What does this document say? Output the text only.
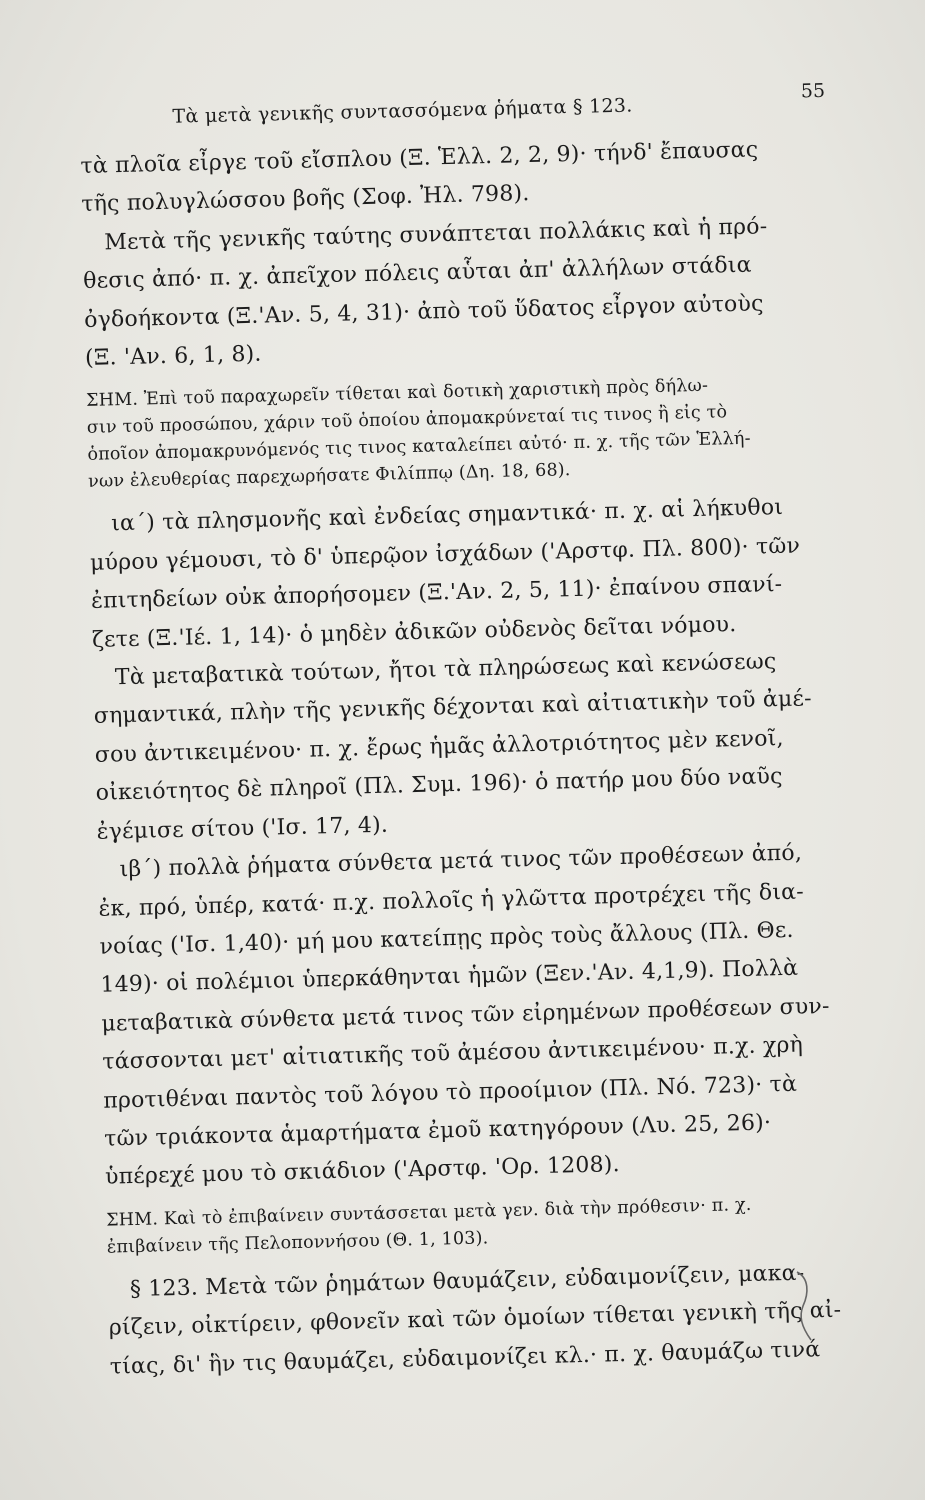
Τὰ μετὰ γενικῆς συντασσόμενα ῥήματα § 123.
55
τὰ πλοῖα εἶργε τοῦ εἴσπλου (Ξ. Ἑλλ. 2, 2, 9)· τήνδ' ἔπαυσας
τῆς πολυγλώσσου βοῆς (Σοφ. Ἠλ. 798).
Μετὰ τῆς γενικῆς ταύτης συνάπτεται πολλάκις καὶ ἡ πρό-
θεσις ἀπό· π. χ. ἀπεῖχον πόλεις αὗται ἀπ' ἀλλήλων στάδια
ὀγδοήκοντα (Ξ.'Αν. 5, 4, 31)· ἀπὸ τοῦ ὕδατος εἶργον αὐτοὺς
(Ξ. 'Αν. 6, 1, 8).
ΣΗΜ. Ἐπὶ τοῦ παραχωρεῖν τίθεται καὶ δοτικὴ χαριστικὴ πρὸς δήλω-
σιν τοῦ προσώπου, χάριν τοῦ ὁποίου ἀπομακρύνεταί τις τινος ἢ εἰς τὸ
ὁποῖον ἀπομακρυνόμενός τις τινος καταλείπει αὐτό· π. χ. τῆς τῶν Ἑλλή-
νων ἐλευθερίας παρεχωρήσατε Φιλίππῳ (Δη. 18, 68).
ια΄) τὰ πλησμονῆς καὶ ἐνδείας σημαντικά· π. χ. αἱ λήκυθοι
μύρου γέμουσι, τὸ δ' ὑπερῷον ἰσχάδων ('Αρστφ. Πλ. 800)· τῶν
ἐπιτηδείων οὐκ ἀπορήσομεν (Ξ.'Αν. 2, 5, 11)· ἐπαίνου σπανί-
ζετε (Ξ.'Ιέ. 1, 14)· ὁ μηδὲν ἀδικῶν οὐδενὸς δεῖται νόμου.
Τὰ μεταβατικὰ τούτων, ἤτοι τὰ πληρώσεως καὶ κενώσεως
σημαντικά, πλὴν τῆς γενικῆς δέχονται καὶ αἰτιατικὴν τοῦ ἀμέ-
σου ἀντικειμένου· π. χ. ἔρως ἡμᾶς ἀλλοτριότητος μὲν κενοῖ,
οἰκειότητος δὲ πληροῖ (Πλ. Συμ. 196)· ὁ πατήρ μου δύο ναῦς
ἐγέμισε σίτου ('Ισ. 17, 4).
ιβ΄) πολλὰ ῥήματα σύνθετα μετά τινος τῶν προθέσεων ἀπό,
ἐκ, πρό, ὑπέρ, κατά· π.χ. πολλοῖς ἡ γλῶττα προτρέχει τῆς δια-
νοίας ('Ισ. 1,40)· μή μου κατείπῃς πρὸς τοὺς ἄλλους (Πλ. Θε.
149)· οἱ πολέμιοι ὑπερκάθηνται ἡμῶν (Ξεν.'Αν. 4,1,9). Πολλὰ
μεταβατικὰ σύνθετα μετά τινος τῶν εἰρημένων προθέσεων συν-
τάσσονται μετ' αἰτιατικῆς τοῦ ἀμέσου ἀντικειμένου· π.χ. χρὴ
προτιθέναι παντὸς τοῦ λόγου τὸ προοίμιον (Πλ. Νό. 723)· τὰ
τῶν τριάκοντα ἁμαρτήματα ἐμοῦ κατηγόρουν (Λυ. 25, 26)·
ὑπέρεχέ μου τὸ σκιάδιον ('Αρστφ. 'Ορ. 1208).
ΣΗΜ. Καὶ τὸ ἐπιβαίνειν συντάσσεται μετὰ γεν. διὰ τὴν πρόθεσιν· π. χ.
ἐπιβαίνειν τῆς Πελοποννήσου (Θ. 1, 103).
§ 123. Μετὰ τῶν ῥημάτων θαυμάζειν, εὐδαιμονίζειν, μακα-
ρίζειν, οἰκτίρειν, φθονεῖν καὶ τῶν ὁμοίων τίθεται γενικὴ τῆς αἰ-
τίας, δι' ἣν τις θαυμάζει, εὐδαιμονίζει κλ.· π. χ. θαυμάζω τινά
